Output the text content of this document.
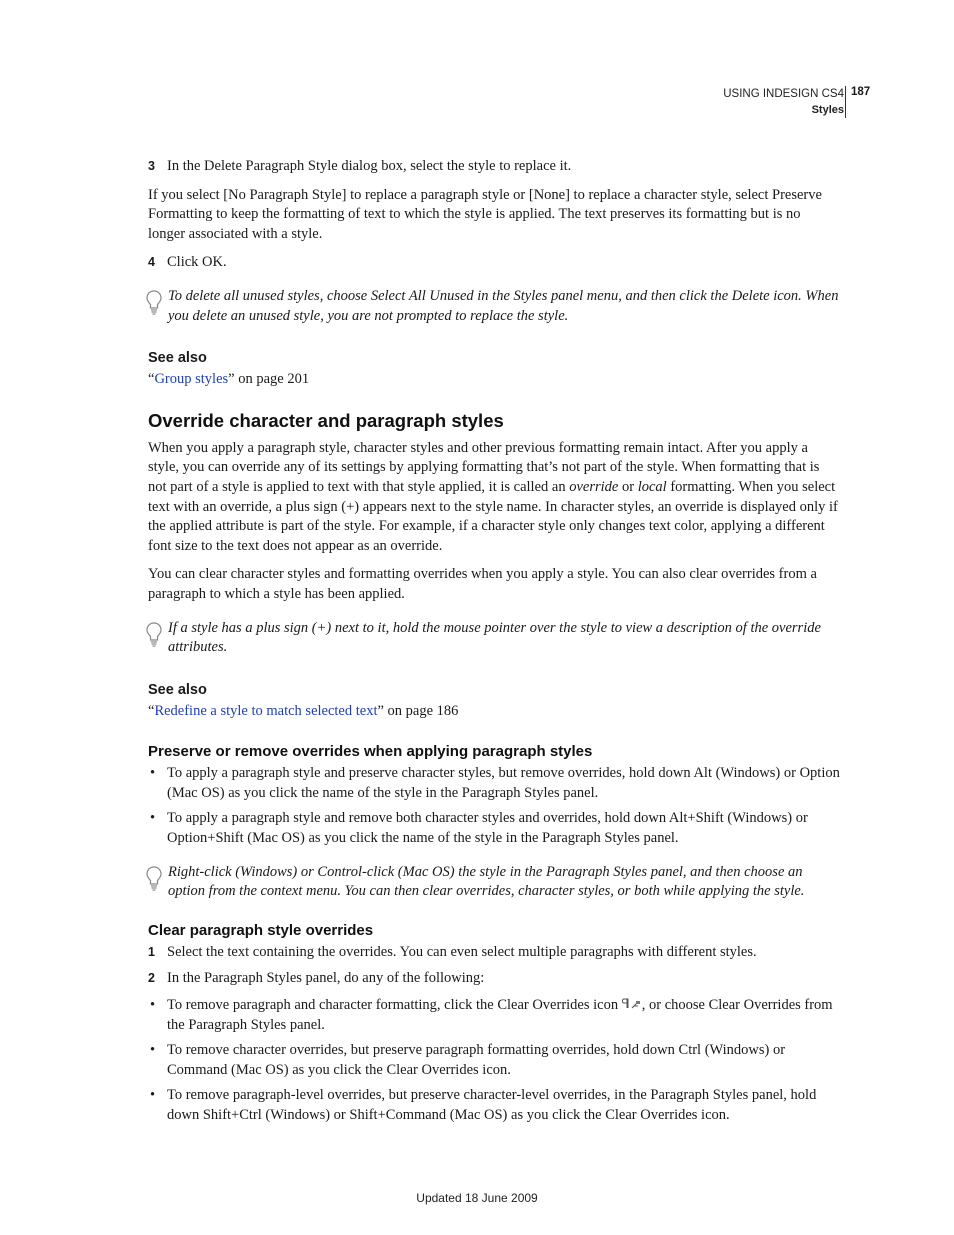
USING INDESIGN CS4
Styles
187
3 In the Delete Paragraph Style dialog box, select the style to replace it.

If you select [No Paragraph Style] to replace a paragraph style or [None] to replace a character style, select Preserve Formatting to keep the formatting of text to which the style is applied. The text preserves its formatting but is no longer associated with a style.

4 Click OK.
To delete all unused styles, choose Select All Unused in the Styles panel menu, and then click the Delete icon. When you delete an unused style, you are not prompted to replace the style.
See also
“Group styles” on page 201
Override character and paragraph styles

When you apply a paragraph style, character styles and other previous formatting remain intact. After you apply a style, you can override any of its settings by applying formatting that’s not part of the style. When formatting that is not part of a style is applied to text with that style applied, it is called an override or local formatting. When you select text with an override, a plus sign (+) appears next to the style name. In character styles, an override is displayed only if the applied attribute is part of the style. For example, if a character style only changes text color, applying a different font size to the text does not appear as an override.

You can clear character styles and formatting overrides when you apply a style. You can also clear overrides from a paragraph to which a style has been applied.

If a style has a plus sign (+) next to it, hold the mouse pointer over the style to view a description of the override attributes.
See also
“Redefine a style to match selected text” on page 186
Preserve or remove overrides when applying paragraph styles
• To apply a paragraph style and preserve character styles, but remove overrides, hold down Alt (Windows) or Option (Mac OS) as you click the name of the style in the Paragraph Styles panel.
• To apply a paragraph style and remove both character styles and overrides, hold down Alt+Shift (Windows) or Option+Shift (Mac OS) as you click the name of the style in the Paragraph Styles panel.
Right-click (Windows) or Control-click (Mac OS) the style in the Paragraph Styles panel, and then choose an option from the context menu. You can then clear overrides, character styles, or both while applying the style.
Clear paragraph style overrides
1 Select the text containing the overrides. You can even select multiple paragraphs with different styles.
2 In the Paragraph Styles panel, do any of the following:
• To remove paragraph and character formatting, click the Clear Overrides icon , or choose Clear Overrides from the Paragraph Styles panel.
• To remove character overrides, but preserve paragraph formatting overrides, hold down Ctrl (Windows) or Command (Mac OS) as you click the Clear Overrides icon.
• To remove paragraph-level overrides, but preserve character-level overrides, in the Paragraph Styles panel, hold down Shift+Ctrl (Windows) or Shift+Command (Mac OS) as you click the Clear Overrides icon.
Updated 18 June 2009
